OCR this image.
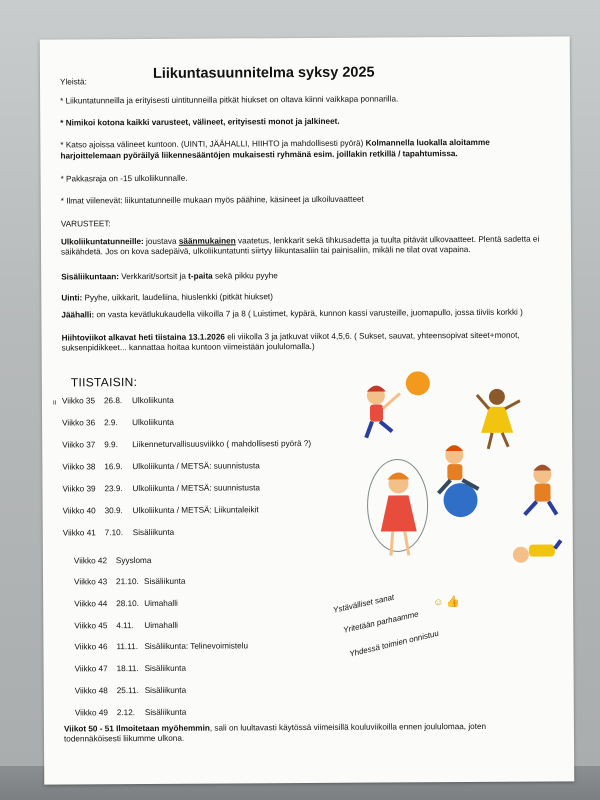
Yleistä:	Liikuntasuunnitelma syksy 2025
* Liikuntatunneilla ja erityisesti uintitunneilla pitkät hiukset on oltava kiinni vaikkapa ponnarilla.
* Nimikoi kotona kaikki varusteet, välineet, erityisesti monot ja jalkineet.
* Katso ajoissa välineet kuntoon. (UINTI, JÄÄHALLI, HIIHTO ja mahdollisesti pyörä) Kolmannella luokalla aloitamme
harjoittelemaan pyöräilyä liikennesääntöjen mukaisesti ryhmänä esim. joillakin retkillä / tapahtumissa.
* Pakkasraja on -15 ulkoliikunnalle.
* Ilmat viilenevät: liikuntatunneille mukaan myös päähine, käsineet ja ulkoiluvaatteet
VARUSTEET:
Ulkoliikuntatunneille: joustava säänmukainen vaatetus, lenkkarit sekä tihkusadetta ja tuulta pitävät ulkovaatteet. Plentä sadetta ei säikähdetä. Jos on kova sadepäivä, ulkoliikuntatunti siirtyy liikuntasaliin tai painisaliin, mikäli ne tilat ovat vapaina.
Sisäliikuntaan: Verkkarit/sortsit ja t-paita sekä pikku pyyhe
Uinti: Pyyhe, uikkarit, laudeliina, hiuslenkki (pitkät hiukset)
Jäähalli: on vasta kevätlukukaudella viikoilla 7 ja 8 ( Luistimet, kypärä, kunnon kassi varusteille, juomapullo, jossa tiiviis korkki )
Hiihtoviikot alkavat heti tiistaina 13.1.2026 eli viikolla 3 ja jatkuvat viikot 4,5,6. ( Sukset, sauvat, yhteensopivat siteet+monot, suksenpidikkeet... kannattaa hoitaa kuntoon viimeistään joululomalla.)
TIISTAISIN:
II Viikko 35 26.8. Ulkoliikunta
Viikko 36 2.9. Ulkoliikunta
Viikko 37 9.9. Liikenneturvallisuusviikko ( mahdollisesti pyörä ?)
Viikko 38 16.9. Ulkoliikunta / METSÄ: suunnistusta
Viikko 39 23.9. Ulkoliikunta / METSÄ: suunnistusta
Viikko 40 30.9. Ulkoliikunta / METSÄ: Liikuntaleikit
Viikko 41 7.10. Sisäliikunta
Viikko 42 Syysloma
Viikko 43 21.10. Sisäliikunta
Viikko 44 28.10. Uimahalli
Viikko 45 4.11. Uimahalli
Viikko 46 11.11. Sisäliikunta: Telinevoimistelu
Viikko 47 18.11. Sisäliikunta
Viikko 48 25.11. Sisäliikunta
Viikko 49 2.12. Sisäliikunta
Ystävälliset sanat
Yritetään parhaamme
Yhdessä toimien onnistuu
☺ 👍
Viikot 50 - 51 Ilmoitetaan myöhemmin, sali on luultavasti käytössä viimeisillä kouluviikoilla ennen joululomaa, joten todennäköisesti liikumme ulkona.
